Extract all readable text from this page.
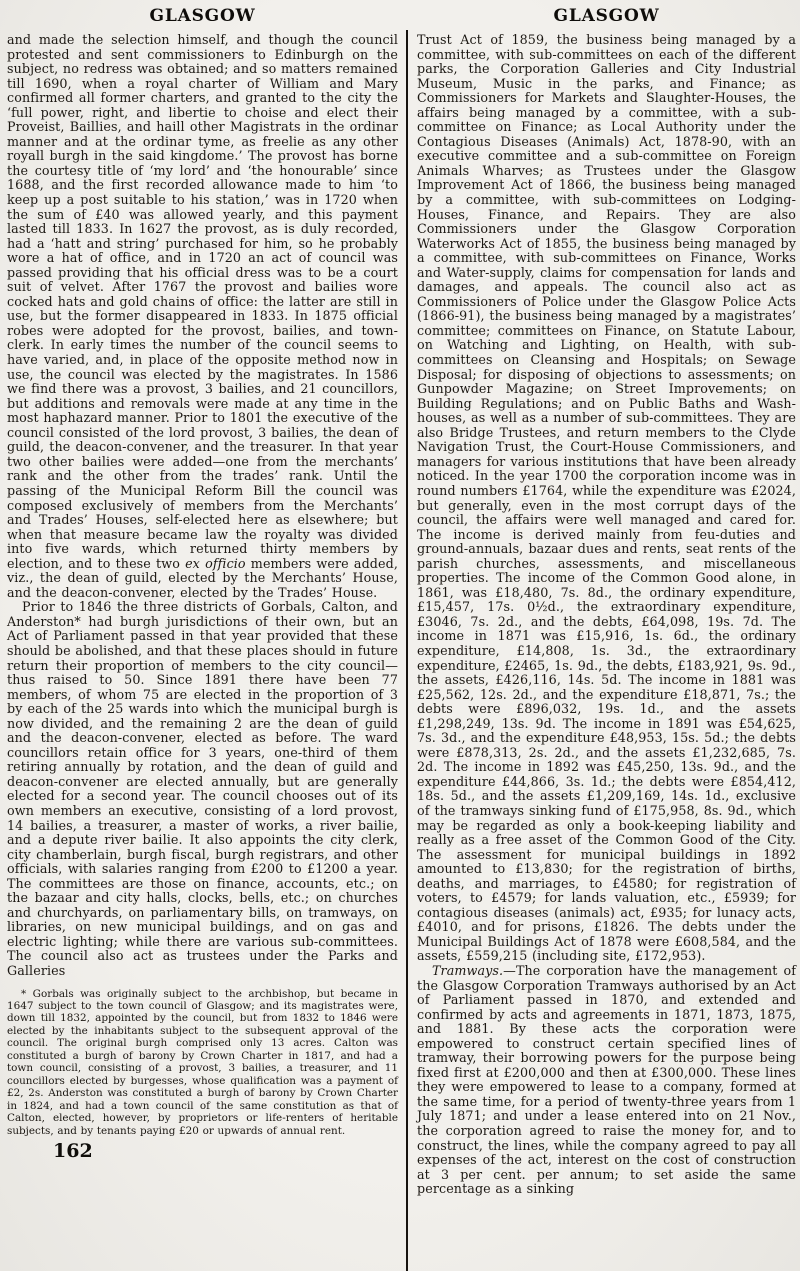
GLASGOW

and made the selection himself, and though the council protested and sent commissioners to Edinburgh on the subject, no redress was obtained; and so matters remained till 1690, when a royal charter of William and Mary confirmed all former charters, and granted to the city the ‘full power, right, and libertie to choise and elect their Proveist, Baillies, and haill other Magistrats in the ordinar manner and at the ordinar tyme, as freelie as any other royall burgh in the said kingdome.’ The provost has borne the courtesy title of ‘my lord’ and ‘the honourable’ since 1688, and the first recorded allowance made to him ‘to keep up a post suitable to his station,’ was in 1720 when the sum of £40 was allowed yearly, and this payment lasted till 1833. In 1627 the provost, as is duly recorded, had a ‘hatt and string’ purchased for him, so he probably wore a hat of office, and in 1720 an act of council was passed providing that his official dress was to be a court suit of velvet. After 1767 the provost and bailies wore cocked hats and gold chains of office: the latter are still in use, but the former disappeared in 1833. In 1875 official robes were adopted for the provost, bailies, and town-clerk. In early times the number of the council seems to have varied, and, in place of the opposite method now in use, the council was elected by the magistrates. In 1586 we find there was a provost, 3 bailies, and 21 councillors, but additions and removals were made at any time in the most haphazard manner. Prior to 1801 the executive of the council consisted of the lord provost, 3 bailies, the dean of guild, the deacon-convener, and the treasurer. In that year two other bailies were added—one from the merchants’ rank and the other from the trades’ rank. Until the passing of the Municipal Reform Bill the council was composed exclusively of members from the Merchants’ and Trades’ Houses, self-elected here as elsewhere; but when that measure became law the royalty was divided into five wards, which returned thirty members by election, and to these two ex officio members were added, viz., the dean of guild, elected by the Merchants’ House, and the deacon-convener, elected by the Trades’ House.

Prior to 1846 the three districts of Gorbals, Calton, and Anderston* had burgh jurisdictions of their own, but an Act of Parliament passed in that year provided that these should be abolished, and that these places should in future return their proportion of members to the city council—thus raised to 50. Since 1891 there have been 77 members, of whom 75 are elected in the proportion of 3 by each of the 25 wards into which the municipal burgh is now divided, and the remaining 2 are the dean of guild and the deacon-convener, elected as before. The ward councillors retain office for 3 years, one-third of them retiring annually by rotation, and the dean of guild and deacon-convener are elected annually, but are generally elected for a second year. The council chooses out of its own members an executive, consisting of a lord provost, 14 bailies, a treasurer, a master of works, a river bailie, and a depute river bailie. It also appoints the city clerk, city chamberlain, burgh fiscal, burgh registrars, and other officials, with salaries ranging from £200 to £1200 a year. The committees are those on finance, accounts, etc.; on the bazaar and city halls, clocks, bells, etc.; on churches and churchyards, on parliamentary bills, on tramways, on libraries, on new municipal buildings, and on gas and electric lighting; while there are various sub-committees. The council also act as trustees under the Parks and Galleries

* Gorbals was originally subject to the archbishop, but became in 1647 subject to the town council of Glasgow; and its magistrates were, down till 1832, appointed by the council, but from 1832 to 1846 were elected by the inhabitants subject to the subsequent approval of the council. The original burgh comprised only 13 acres. Calton was constituted a burgh of barony by Crown Charter in 1817, and had a town council, consisting of a provost, 3 bailies, a treasurer, and 11 councillors elected by burgesses, whose qualification was a payment of £2, 2s. Anderston was constituted a burgh of barony by Crown Charter in 1824, and had a town council of the same constitution as that of Calton, elected, however, by proprietors or life-renters of heritable subjects, and by tenants paying £20 or upwards of annual rent.
162
GLASGOW

Trust Act of 1859, the business being managed by a committee, with sub-committees on each of the different parks, the Corporation Galleries and City Industrial Museum, Music in the parks, and Finance; as Commissioners for Markets and Slaughter-Houses, the affairs being managed by a committee, with a sub-committee on Finance; as Local Authority under the Contagious Diseases (Animals) Act, 1878-90, with an executive committee and a sub-committee on Foreign Animals Wharves; as Trustees under the Glasgow Improvement Act of 1866, the business being managed by a committee, with sub-committees on Lodging-Houses, Finance, and Repairs. They are also Commissioners under the Glasgow Corporation Waterworks Act of 1855, the business being managed by a committee, with sub-committees on Finance, Works and Water-supply, claims for compensation for lands and damages, and appeals. The council also act as Commissioners of Police under the Glasgow Police Acts (1866-91), the business being managed by a magistrates’ committee; committees on Finance, on Statute Labour, on Watching and Lighting, on Health, with sub-committees on Cleansing and Hospitals; on Sewage Disposal; for disposing of objections to assessments; on Gunpowder Magazine; on Street Improvements; on Building Regulations; and on Public Baths and Wash-houses, as well as a number of sub-committees. They are also Bridge Trustees, and return members to the Clyde Navigation Trust, the Court-House Commissioners, and managers for various institutions that have been already noticed. In the year 1700 the corporation income was in round numbers £1764, while the expenditure was £2024, but generally, even in the most corrupt days of the council, the affairs were well managed and cared for. The income is derived mainly from feu-duties and ground-annuals, bazaar dues and rents, seat rents of the parish churches, assessments, and miscellaneous properties. The income of the Common Good alone, in 1861, was £18,480, 7s. 8d., the ordinary expenditure, £15,457, 17s. 0½d., the extraordinary expenditure, £3046, 7s. 2d., and the debts, £64,098, 19s. 7d. The income in 1871 was £15,916, 1s. 6d., the ordinary expenditure, £14,808, 1s. 3d., the extraordinary expenditure, £2465, 1s. 9d., the debts, £183,921, 9s. 9d., the assets, £426,116, 14s. 5d. The income in 1881 was £25,562, 12s. 2d., and the expenditure £18,871, 7s.; the debts were £896,032, 19s. 1d., and the assets £1,298,249, 13s. 9d. The income in 1891 was £54,625, 7s. 3d., and the expenditure £48,953, 15s. 5d.; the debts were £878,313, 2s. 2d., and the assets £1,232,685, 7s. 2d. The income in 1892 was £45,250, 13s. 9d., and the expenditure £44,866, 3s. 1d.; the debts were £854,412, 18s. 5d., and the assets £1,209,169, 14s. 1d., exclusive of the tramways sinking fund of £175,958, 8s. 9d., which may be regarded as only a book-keeping liability and really as a free asset of the Common Good of the City. The assessment for municipal buildings in 1892 amounted to £13,830; for the registration of births, deaths, and marriages, to £4580; for registration of voters, to £4579; for lands valuation, etc., £5939; for contagious diseases (animals) act, £935; for lunacy acts, £4010, and for prisons, £1826. The debts under the Municipal Buildings Act of 1878 were £608,584, and the assets, £559,215 (including site, £172,953).

Tramways.—The corporation have the management of the Glasgow Corporation Tramways authorised by an Act of Parliament passed in 1870, and extended and confirmed by acts and agreements in 1871, 1873, 1875, and 1881. By these acts the corporation were empowered to construct certain specified lines of tramway, their borrowing powers for the purpose being fixed first at £200,000 and then at £300,000. These lines they were empowered to lease to a company, formed at the same time, for a period of twenty-three years from 1 July 1871; and under a lease entered into on 21 Nov., the corporation agreed to raise the money for, and to construct, the lines, while the company agreed to pay all expenses of the act, interest on the cost of construction at 3 per cent. per annum; to set aside the same percentage as a sinking
